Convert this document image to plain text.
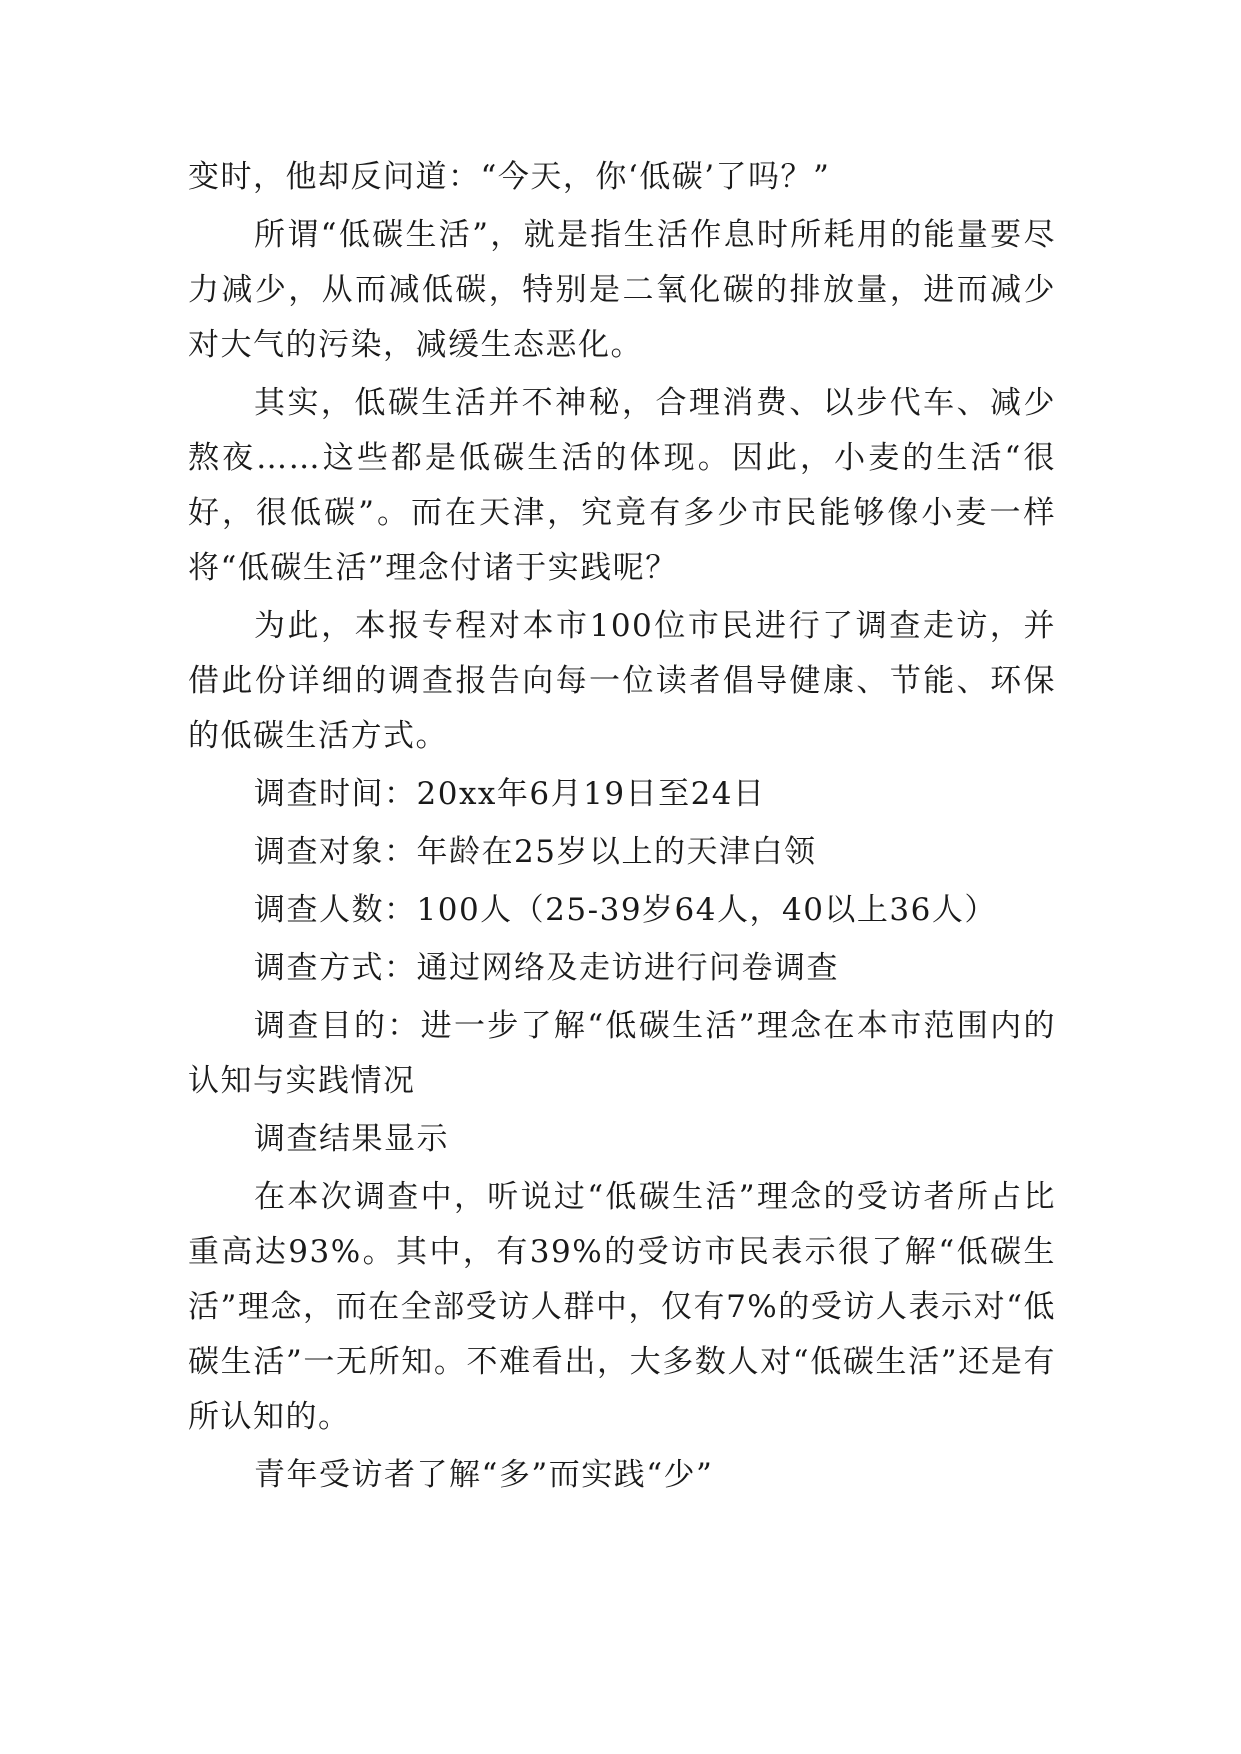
变时，他却反问道：“今天，你‘低碳’了吗？”

所谓“低碳生活”，就是指生活作息时所耗用的能量要尽力减少，从而减低碳，特别是二氧化碳的排放量，进而减少对大气的污染，减缓生态恶化。

其实，低碳生活并不神秘，合理消费、以步代车、减少熬夜……这些都是低碳生活的体现。因此，小麦的生活“很好，很低碳”。而在天津，究竟有多少市民能够像小麦一样将“低碳生活”理念付诸于实践呢？

为此，本报专程对本市100位市民进行了调查走访，并借此份详细的调查报告向每一位读者倡导健康、节能、环保的低碳生活方式。

调查时间：20xx年6月19日至24日

调查对象：年龄在25岁以上的天津白领

调查人数：100人（25-39岁64人，40以上36人）

调查方式：通过网络及走访进行问卷调查

调查目的：进一步了解“低碳生活”理念在本市范围内的认知与实践情况

调查结果显示

在本次调查中，听说过“低碳生活”理念的受访者所占比重高达93%。其中，有39%的受访市民表示很了解“低碳生活”理念，而在全部受访人群中，仅有7%的受访人表示对“低碳生活”一无所知。不难看出，大多数人对“低碳生活”还是有所认知的。

青年受访者了解“多”而实践“少”
